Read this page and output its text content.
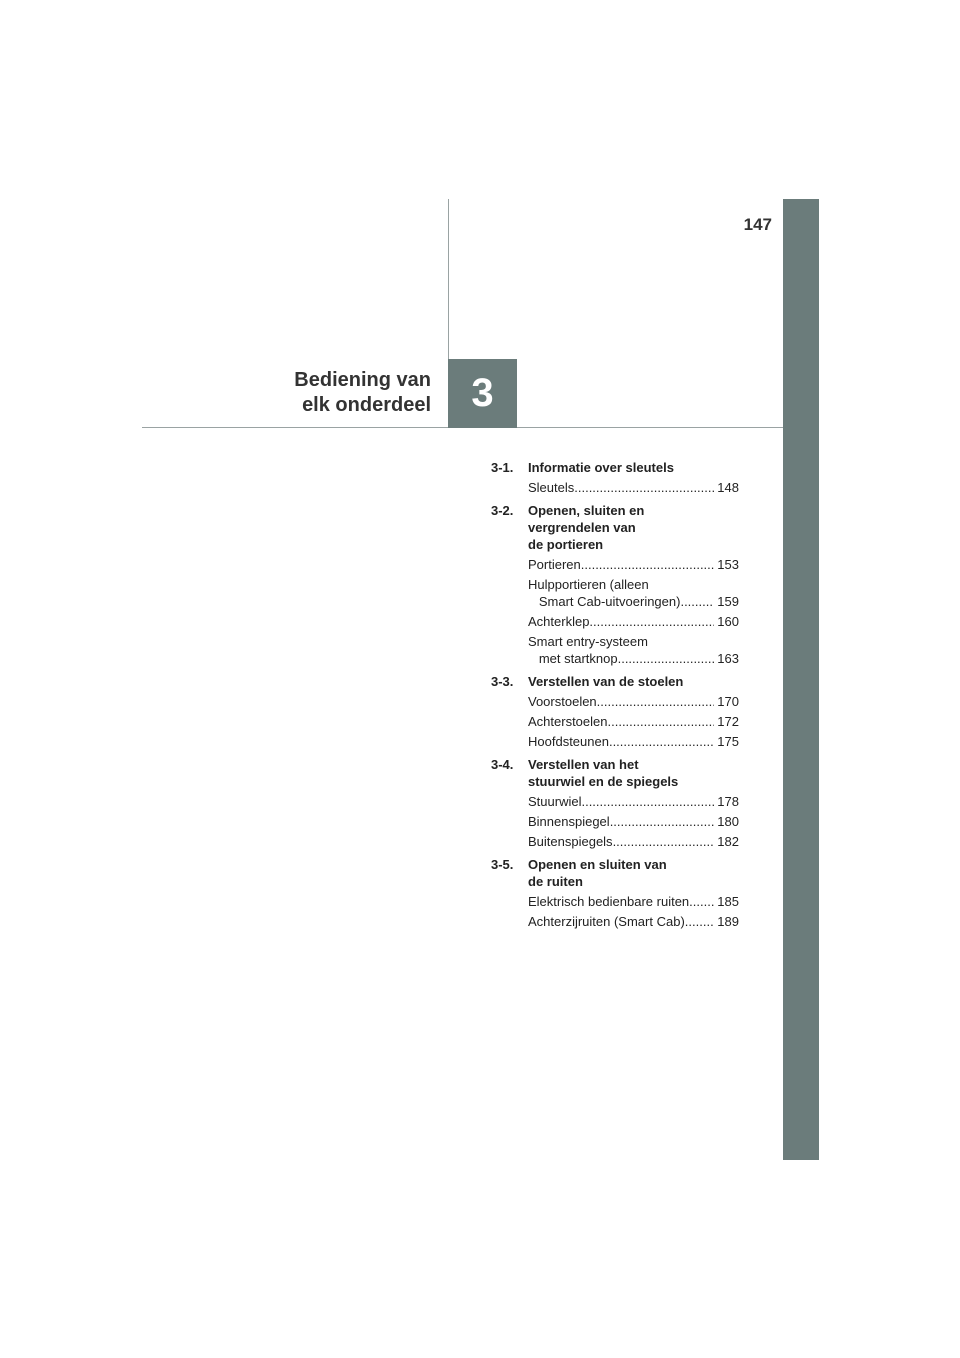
3
147
Bediening van
elk onderdeel
3-1.	Informatie over sleutels
Sleutels .....	148
3-2.	Openen, sluiten en
vergrendelen van
de portieren
Portieren .....	153
Hulpportieren (alleen
Smart Cab-uitvoeringen) .....	159
Achterklep .....	160
Smart entry-systeem
met startknop .....	163
3-3.	Verstellen van de stoelen
Voorstoelen .....	170
Achterstoelen .....	172
Hoofdsteunen .....	175
3-4.	Verstellen van het
stuurwiel en de spiegels
Stuurwiel .....	178
Binnenspiegel .....	180
Buitenspiegels .....	182
3-5.	Openen en sluiten van
de ruiten
Elektrisch bedienbare ruiten ..... 185
Achterzijruiten (Smart Cab) .....	189
